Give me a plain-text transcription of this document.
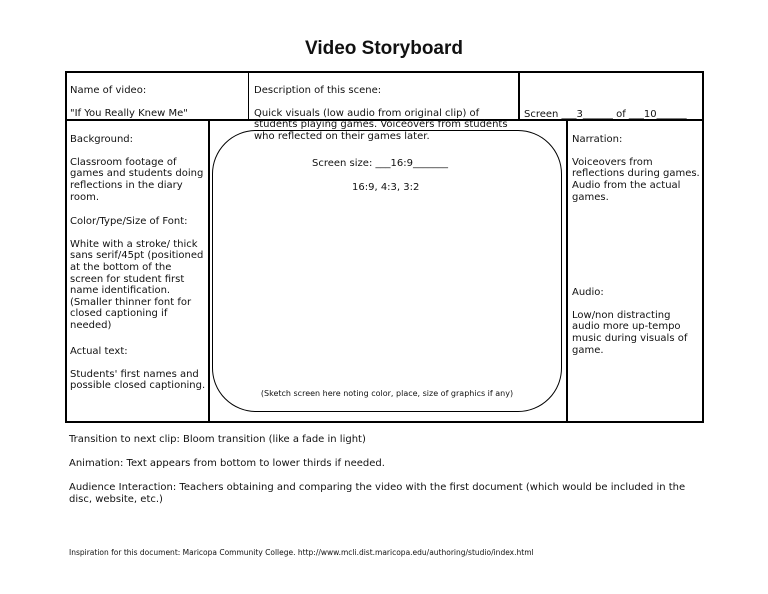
Video Storyboard

Name of video:

"If You Really Knew Me"

Description of this scene:

Quick visuals (low audio from original clip) of students playing games. Voiceovers from students who reflected on their games later.

Screen ___3______ of ___10______

Background:

Classroom footage of games and students doing reflections in the diary room.

Color/Type/Size of Font:

White with a stroke/ thick sans serif/45pt (positioned at the bottom of the screen for student first name identification. (Smaller thinner font for closed captioning if needed)

Actual text:

Students' first names and possible closed captioning.

Screen size: ___16:9_______

16:9, 4:3, 3:2

(Sketch screen here noting color, place, size of graphics if any)

Narration:

Voiceovers from reflections during games. Audio from the actual games.

Audio:

Low/non distracting audio more up-tempo music during visuals of game.

Transition to next clip: Bloom transition (like a fade in light)
Animation: Text appears from bottom to lower thirds if needed.
Audience Interaction: Teachers obtaining and comparing the video with the first document (which would be included in the disc, website, etc.)
Inspiration for this document: Maricopa Community College. http://www.mcli.dist.maricopa.edu/authoring/studio/index.html
